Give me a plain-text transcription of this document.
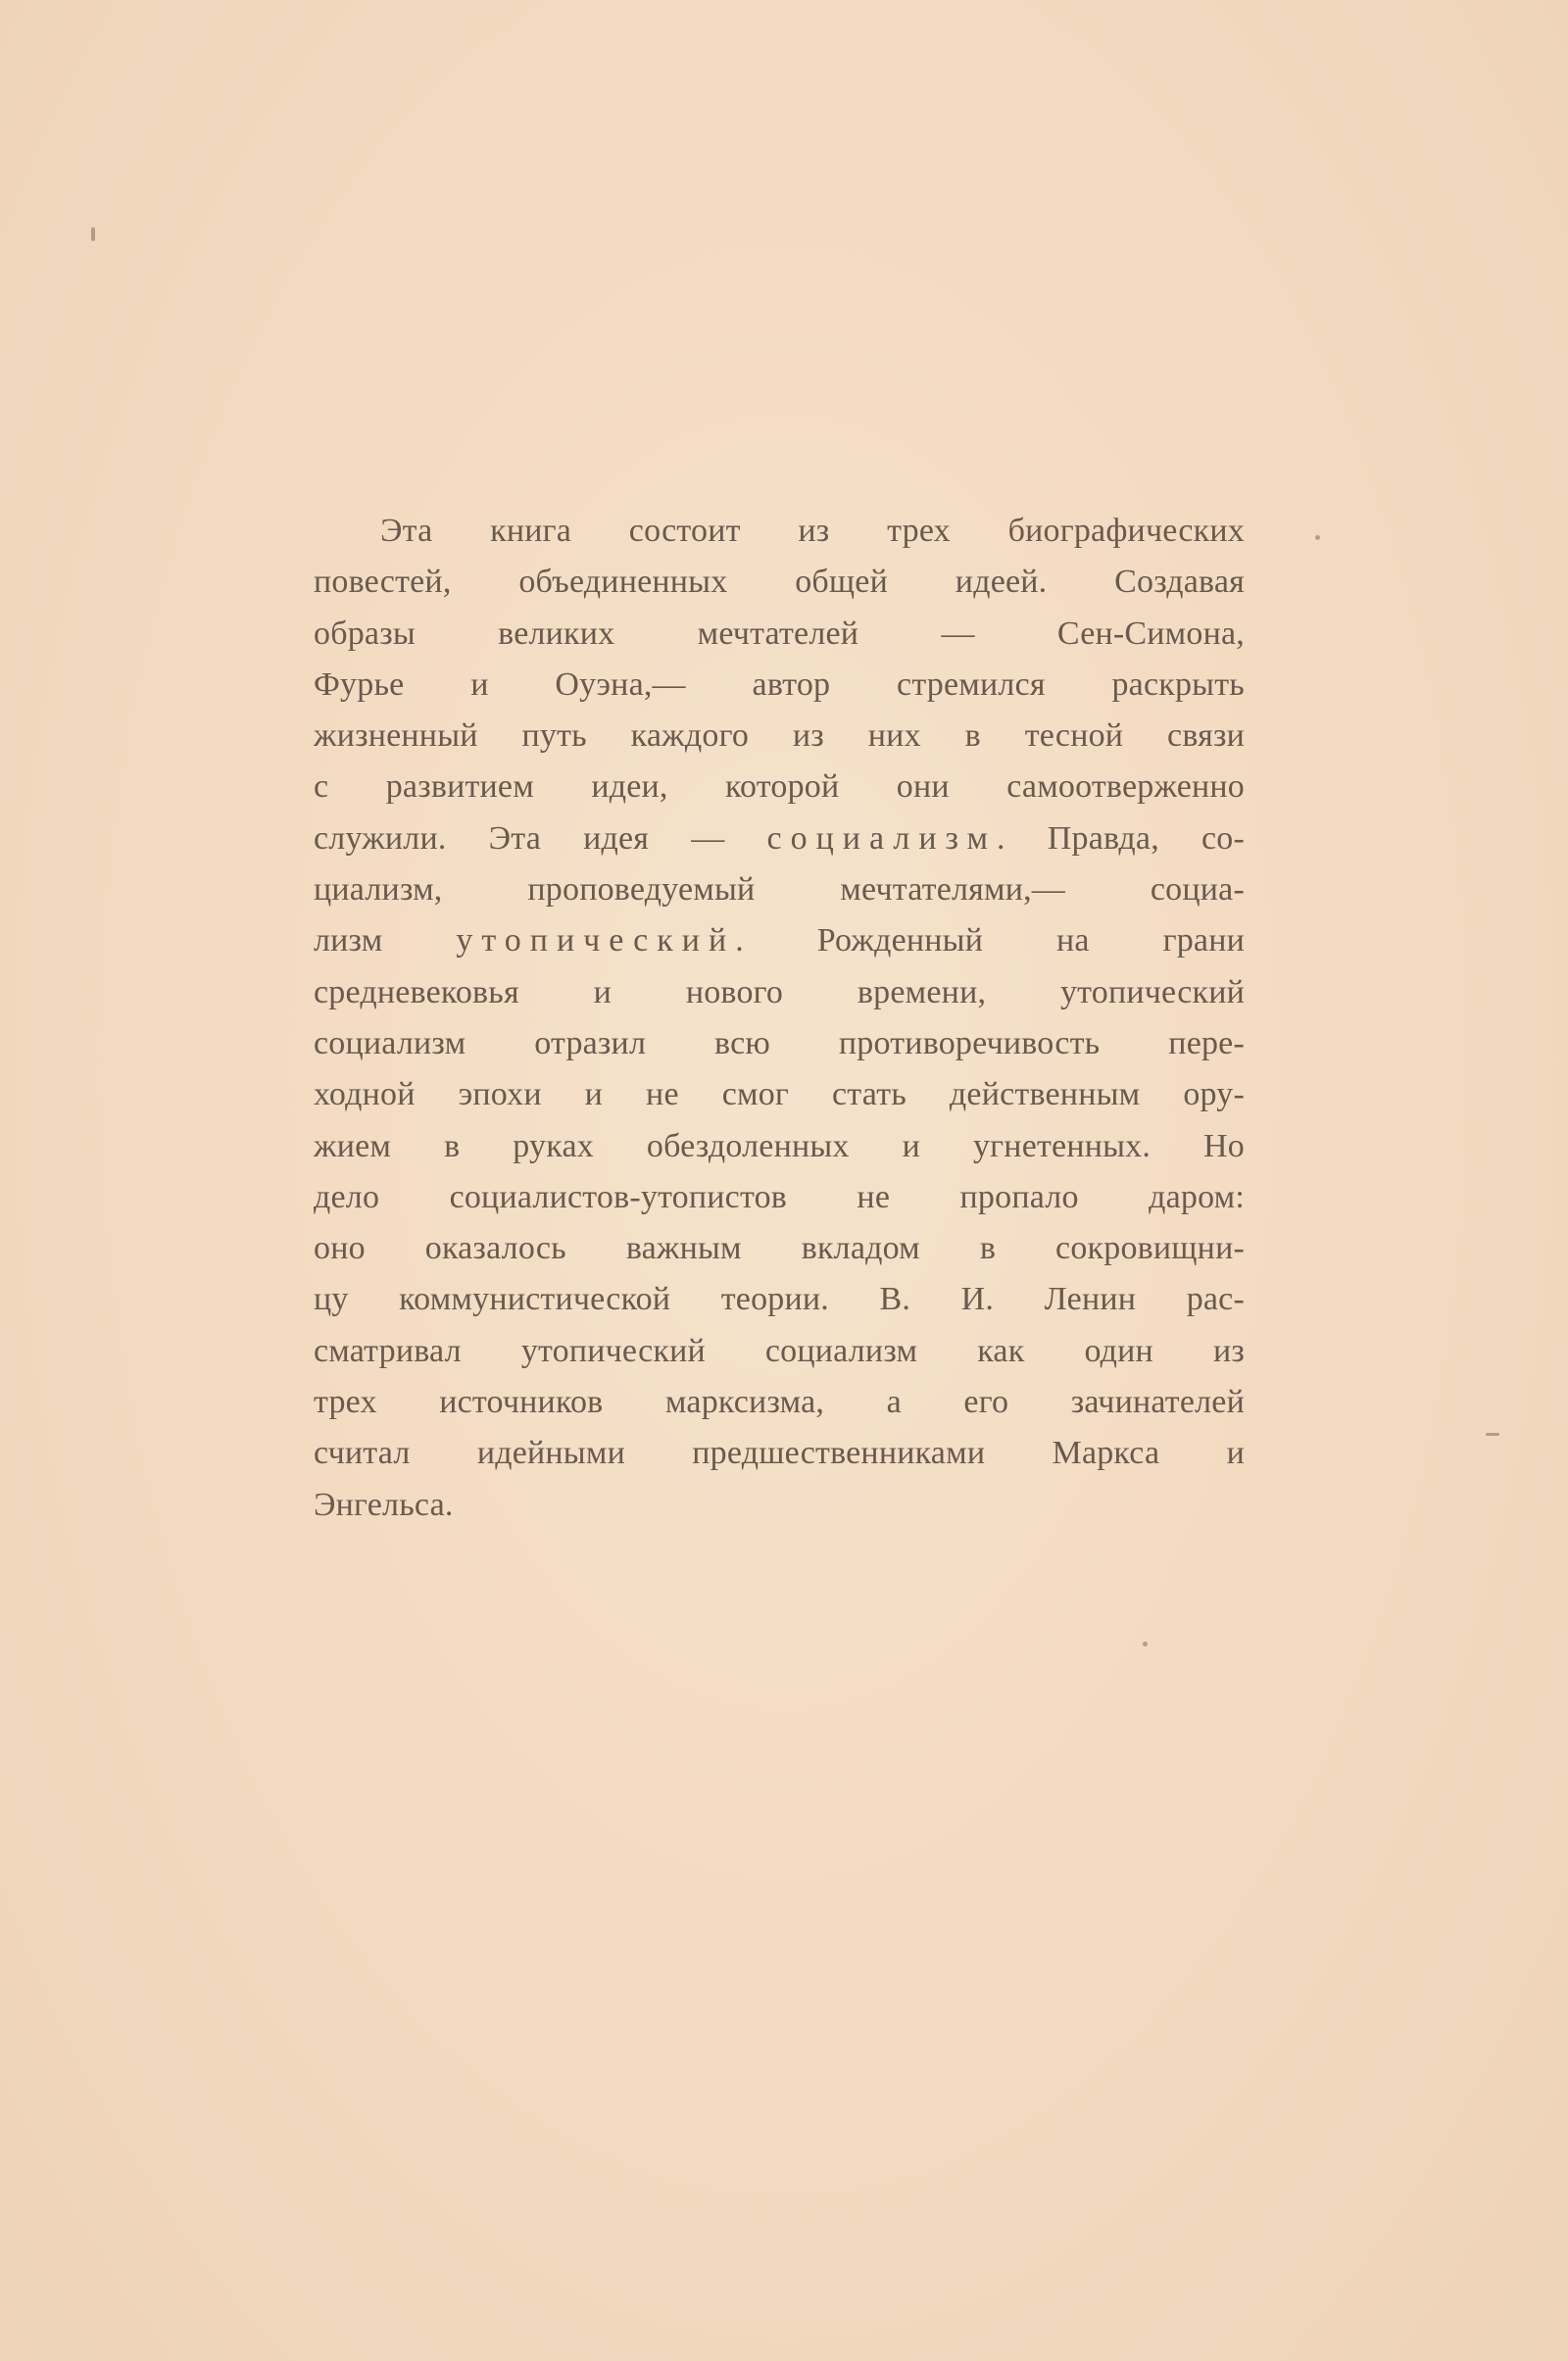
Эта книга состоит из трех биографических
повестей, объединенных общей идеей. Создавая
образы великих мечтателей — Сен-Симона,
Фурье и Оуэна,— автор стремился раскрыть
жизненный путь каждого из них в тесной связи
с развитием идеи, которой они самоотверженно
служили. Эта идея — социализм. Правда, со-
циализм, проповедуемый мечтателями,— социа-
лизм утопический. Рожденный на грани
средневековья и нового времени, утопический
социализм отразил всю противоречивость пере-
ходной эпохи и не смог стать действенным ору-
жием в руках обездоленных и угнетенных. Но
дело социалистов-утопистов не пропало даром:
оно оказалось важным вкладом в сокровищни-
цу коммунистической теории. В. И. Ленин рас-
сматривал утопический социализм как один из
трех источников марксизма, а его зачинателей
считал идейными предшественниками Маркса и
Энгельса.
